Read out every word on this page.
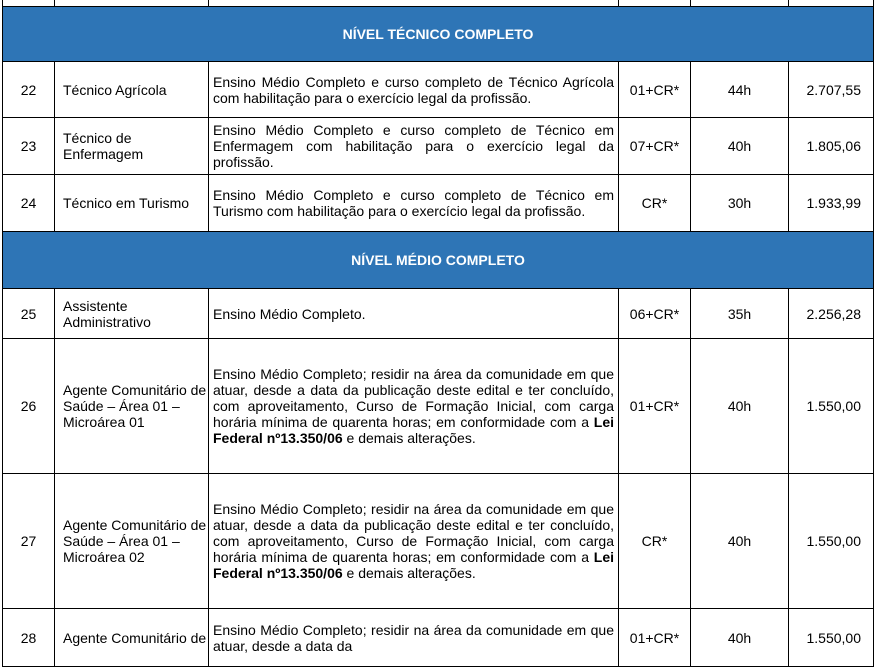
NÍVEL TÉCNICO COMPLETO					
22	Técnico Agrícola	Ensino Médio Completo e curso completo de Técnico Agrícola com habilitação para o exercício legal da profissão.	01+CR*	44h	2.707,55
23	Técnico de Enfermagem	Ensino Médio Completo e curso completo de Técnico em Enfermagem com habilitação para o exercício legal da profissão.	07+CR*	40h	1.805,06
24	Técnico em Turismo	Ensino Médio Completo e curso completo de Técnico em Turismo com habilitação para o exercício legal da profissão.	CR*	30h	1.933,99
NÍVEL MÉDIO COMPLETO					
25	Assistente Administrativo	Ensino Médio Completo.	06+CR*	35h	2.256,28
26	Agente Comunitário de Saúde – Área 01 – Microárea 01	Ensino Médio Completo; residir na área da comunidade em que atuar, desde a data da publicação deste edital e ter concluído, com aproveitamento, Curso de Formação Inicial, com carga horária mínima de quarenta horas; em conformidade com a Lei Federal nº13.350/06 e demais alterações.	01+CR*	40h	1.550,00
27	Agente Comunitário de Saúde – Área 01 – Microárea 02	Ensino Médio Completo; residir na área da comunidade em que atuar, desde a data da publicação deste edital e ter concluído, com aproveitamento, Curso de Formação Inicial, com carga horária mínima de quarenta horas; em conformidade com a Lei Federal nº13.350/06 e demais alterações.	CR*	40h	1.550,00
28	Agente Comunitário de	Ensino Médio Completo; residir na área da comunidade em que atuar, desde a data da	01+CR*	40h	1.550,00
